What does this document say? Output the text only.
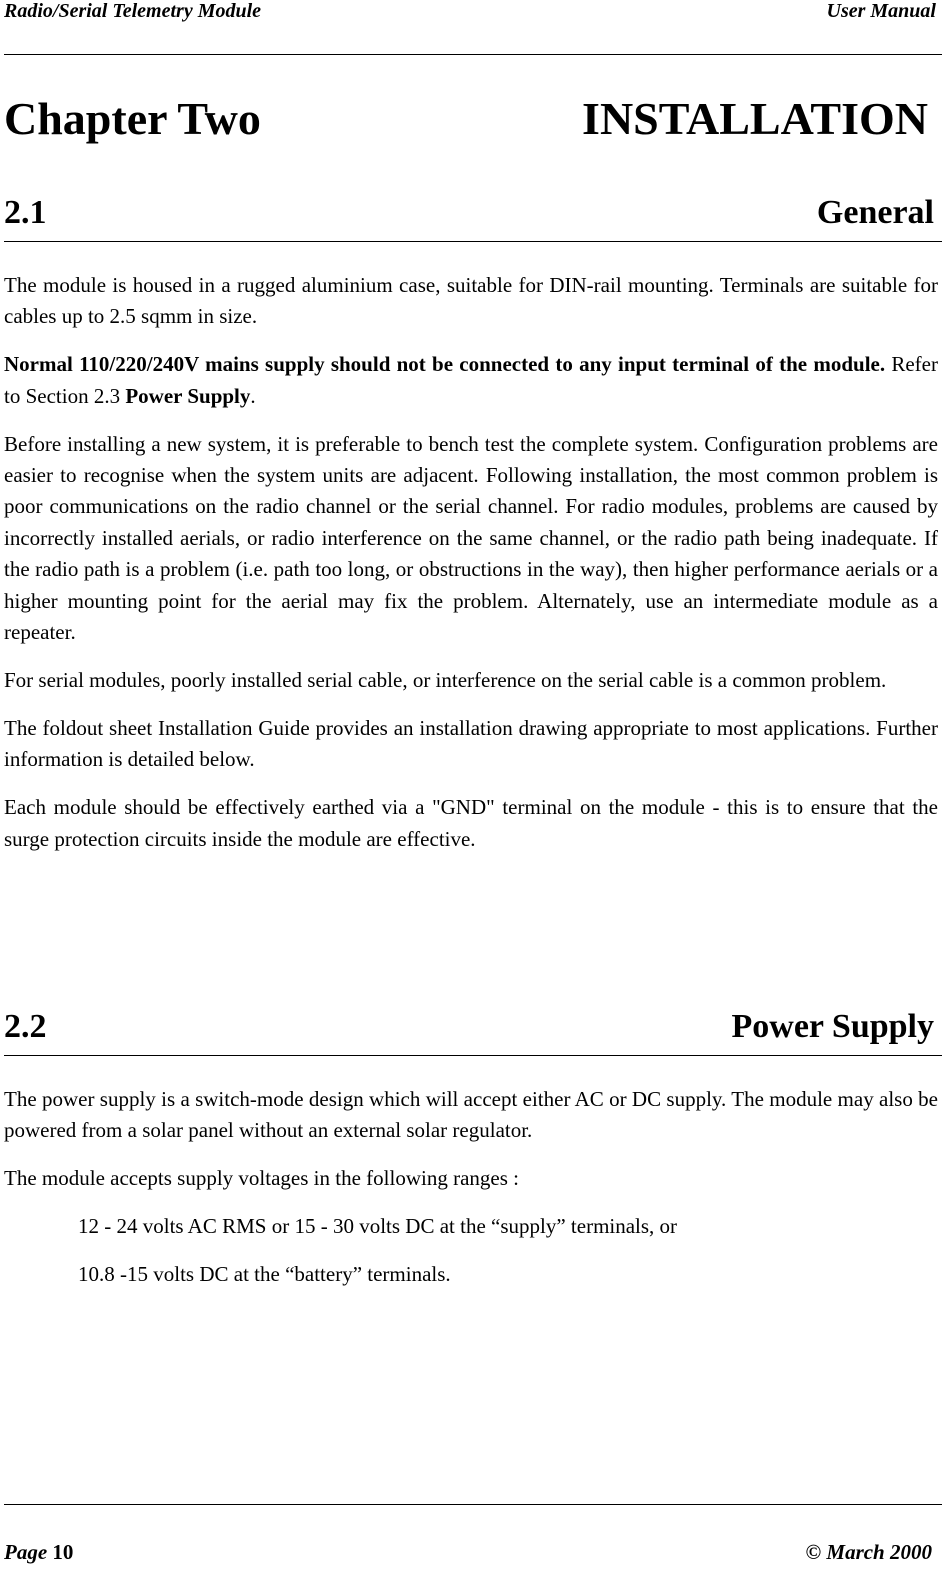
Radio/Serial Telemetry Module	User Manual
Chapter Two	INSTALLATION
2.1	General

The module is housed in a rugged aluminium case, suitable for DIN-rail mounting. Terminals are suitable for cables up to 2.5 sqmm in size.

Normal 110/220/240V mains supply should not be connected to any input terminal of the module. Refer to Section 2.3 Power Supply.

Before installing a new system, it is preferable to bench test the complete system. Configuration problems are easier to recognise when the system units are adjacent. Following installation, the most common problem is poor communications on the radio channel or the serial channel. For radio modules, problems are caused by incorrectly installed aerials, or radio interference on the same channel, or the radio path being inadequate. If the radio path is a problem (i.e. path too long, or obstructions in the way), then higher performance aerials or a higher mounting point for the aerial may fix the problem. Alternately, use an intermediate module as a repeater.

For serial modules, poorly installed serial cable, or interference on the serial cable is a common problem.

The foldout sheet Installation Guide provides an installation drawing appropriate to most applications. Further information is detailed below.

Each module should be effectively earthed via a "GND" terminal on the module - this is to ensure that the surge protection circuits inside the module are effective.

2.2	Power Supply

The power supply is a switch-mode design which will accept either AC or DC supply. The module may also be powered from a solar panel without an external solar regulator.

The module accepts supply voltages in the following ranges :

12 - 24 volts AC RMS or 15 - 30 volts DC at the “supply” terminals, or

10.8 -15 volts DC at the “battery” terminals.

Page 10	© March 2000
